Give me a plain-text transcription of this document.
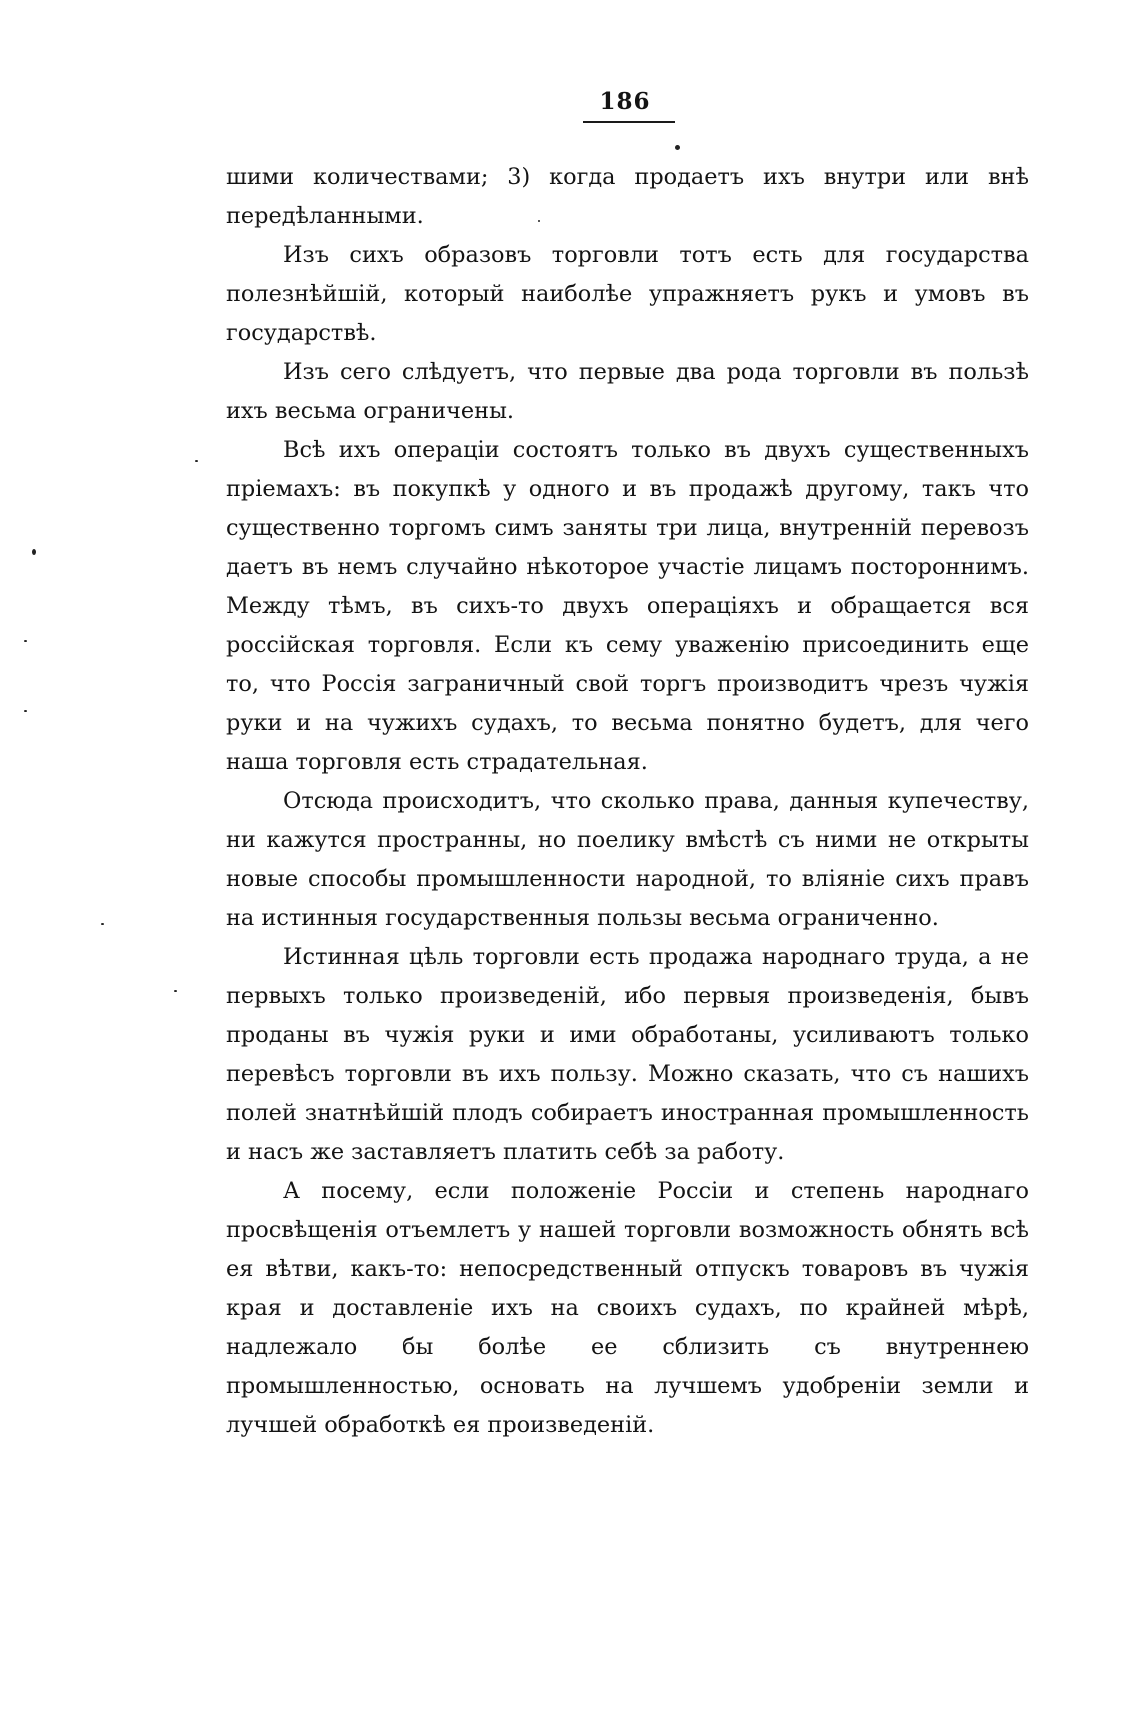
186

шими количествами; 3) когда продаетъ ихъ внутри или внѣ передѣланными.

Изъ сихъ образовъ торговли тотъ есть для государства полезнѣйшій, который наиболѣе упражняетъ рукъ и умовъ въ государствѣ.

Изъ сего слѣдуетъ, что первые два рода торговли въ пользѣ ихъ весьма ограничены.

Всѣ ихъ операціи состоятъ только въ двухъ существенныхъ пріемахъ: въ покупкѣ у одного и въ продажѣ другому, такъ что существенно торгомъ симъ заняты три лица, внутренній перевозъ даетъ въ немъ случайно нѣкоторое участіе лицамъ постороннимъ. Между тѣмъ, въ сихъ-то двухъ операціяхъ и обращается вся россійская торговля. Если къ сему уваженію присоединить еще то, что Россія заграничный свой торгъ производитъ чрезъ чужія руки и на чужихъ судахъ, то весьма понятно будетъ, для чего наша торговля есть страдательная.

Отсюда происходитъ, что сколько права, данныя купечеству, ни кажутся пространны, но поелику вмѣстѣ съ ними не открыты новые способы промышленности народной, то вліяніе сихъ правъ на истинныя государственныя пользы весьма ограниченно.

Истинная цѣль торговли есть продажа народнаго труда, а не первыхъ только произведеній, ибо первыя произведенія, бывъ проданы въ чужія руки и ими обработаны, усиливаютъ только перевѣсъ торговли въ ихъ пользу. Можно сказать, что съ нашихъ полей знатнѣйшій плодъ собираетъ иностранная промышленность и насъ же заставляетъ платить себѣ за работу.

А посему, если положеніе Россіи и степень народнаго просвѣщенія отъемлетъ у нашей торговли возможность обнять всѣ ея вѣтви, какъ-то: непосредственный отпускъ товаровъ въ чужія края и доставленіе ихъ на своихъ судахъ, по крайней мѣрѣ, надлежало бы болѣе ее сблизить съ внутреннею промышленностью, основать на лучшемъ удобреніи земли и лучшей обработкѣ ея произведеній.
